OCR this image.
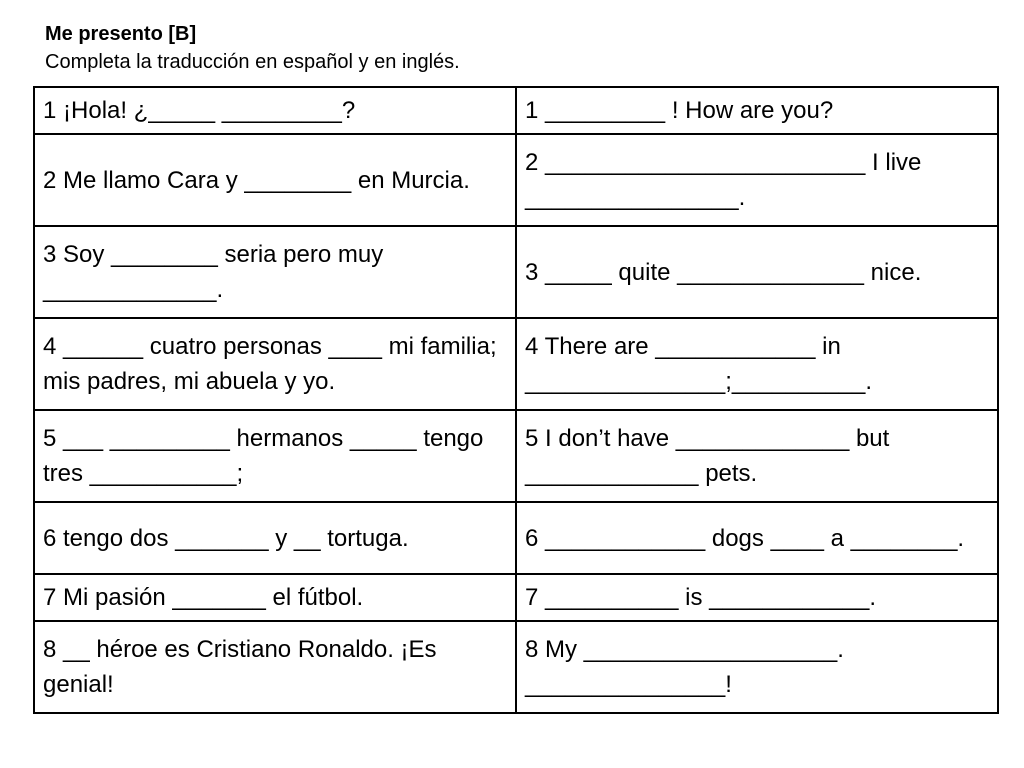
Me presento [B]
Completa la traducción en español y en inglés.
1 ¡Hola! ¿_____ _________?	1 _________ ! How are you?
2 Me llamo Cara y ________ en Murcia.	2 ________________________ I live ________________.
3 Soy ________ seria pero muy _____________.	3 _____ quite ______________ nice.
4 ______ cuatro personas ____ mi familia; mis padres, mi abuela y yo.	4 There are ____________ in _______________;__________.
5 ___ _________ hermanos _____ tengo tres ___________;	5 I don’t have _____________ but _____________ pets.
6 tengo dos _______ y __ tortuga.	6 ____________ dogs ____ a ________.
7 Mi pasión _______ el fútbol.	7 __________ is ____________.
8 __ héroe es Cristiano Ronaldo. ¡Es genial!	8 My ___________________. _______________!
